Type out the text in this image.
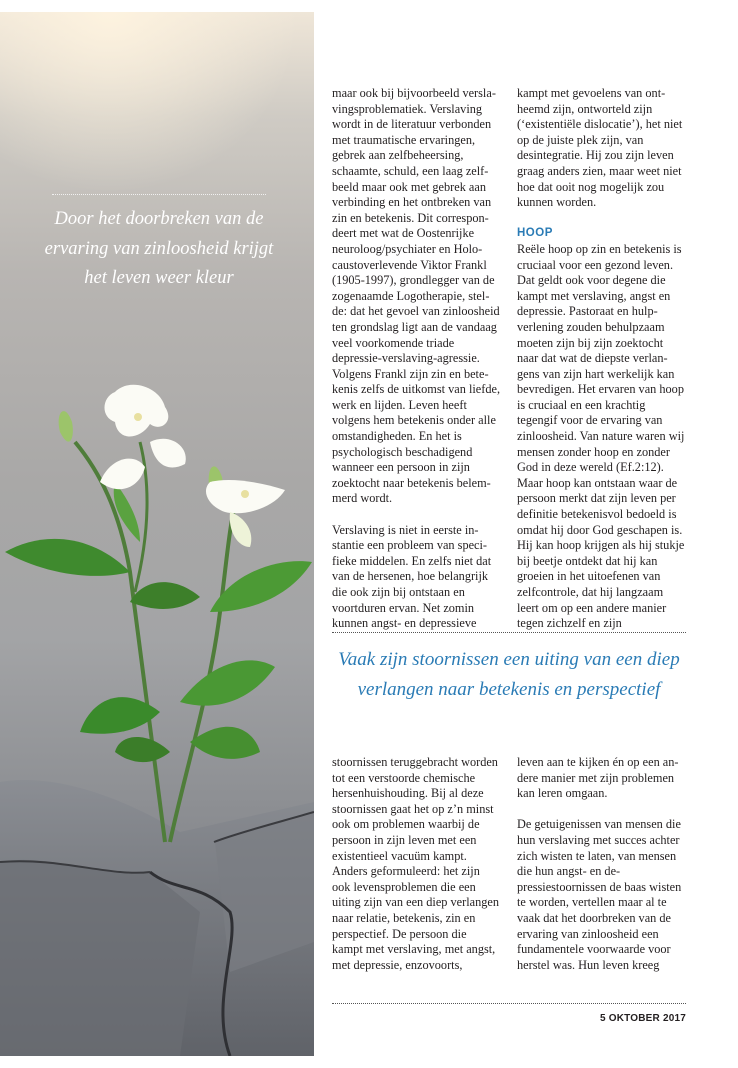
Door het doorbreken van de ervaring van zinloosheid krijgt het leven weer kleur

maar ook bij bijvoorbeeld verslavingsproblematiek. Verslaving wordt in de literatuur verbonden met traumatische ervaringen, gebrek aan zelfbeheersing, schaamte, schuld, een laag zelfbeeld maar ook met gebrek aan verbinding en het ontbreken van zin en betekenis. Dit correspondeert met wat de Oostenrijke neuroloog/psychiater en Holocaustoverlevende Viktor Frankl (1905-1997), grondlegger van de zogenaamde Logotherapie, stelde: dat het gevoel van zinloosheid ten grondslag ligt aan de vandaag veel voorkomende triade depressie-verslaving-agressie. Volgens Frankl zijn zin en betekenis zelfs de uitkomst van liefde, werk en lijden. Leven heeft volgens hem betekenis onder alle omstandigheden. En het is psychologisch beschadigend wanneer een persoon in zijn zoektocht naar betekenis belemmerd wordt.

Verslaving is niet in eerste instantie een probleem van specifieke middelen. En zelfs niet dat van de hersenen, hoe belangrijk die ook zijn bij ontstaan en voortduren ervan. Net zomin kunnen angst- en depressieve

kampt met gevoelens van ontheemd zijn, ontworteld zijn (‘existentiële dislocatie’), het niet op de juiste plek zijn, van desintegratie. Hij zou zijn leven graag anders zien, maar weet niet hoe dat ooit nog mogelijk zou kunnen worden.

HOOP
Reële hoop op zin en betekenis is cruciaal voor een gezond leven. Dat geldt ook voor degene die kampt met verslaving, angst en depressie. Pastoraat en hulpverlening zouden behulpzaam moeten zijn bij zijn zoektocht naar dat wat de diepste verlangens van zijn hart werkelijk kan bevredigen. Het ervaren van hoop is cruciaal en een krachtig tegengif voor de ervaring van zinloosheid. Van nature waren wij mensen zonder hoop en zonder God in deze wereld (Ef.2:12). Maar hoop kan ontstaan waar de persoon merkt dat zijn leven per definitie betekenisvol bedoeld is omdat hij door God geschapen is. Hij kan hoop krijgen als hij stukje bij beetje ontdekt dat hij kan groeien in het uitoefenen van zelfcontrole, dat hij langzaam leert om op een andere manier tegen zichzelf en zijn

Vaak zijn stoornissen een uiting van een diep verlangen naar betekenis en perspectief

stoornissen teruggebracht worden tot een verstoorde chemische hersenhuishouding. Bij al deze stoornissen gaat het op z’n minst ook om problemen waarbij de persoon in zijn leven met een existentieel vacuüm kampt. Anders geformuleerd: het zijn ook levensproblemen die een uiting zijn van een diep verlangen naar relatie, betekenis, zin en perspectief. De persoon die kampt met verslaving, met angst, met depressie, enzovoorts,

leven aan te kijken én op een andere manier met zijn problemen kan leren omgaan.

De getuigenissen van mensen die hun verslaving met succes achter zich wisten te laten, van mensen die hun angst- en depressiestoornissen de baas wisten te worden, vertellen maar al te vaak dat het doorbreken van de ervaring van zinloosheid een fundamentele voorwaarde voor herstel was. Hun leven kreeg

5 OKTOBER 2017
